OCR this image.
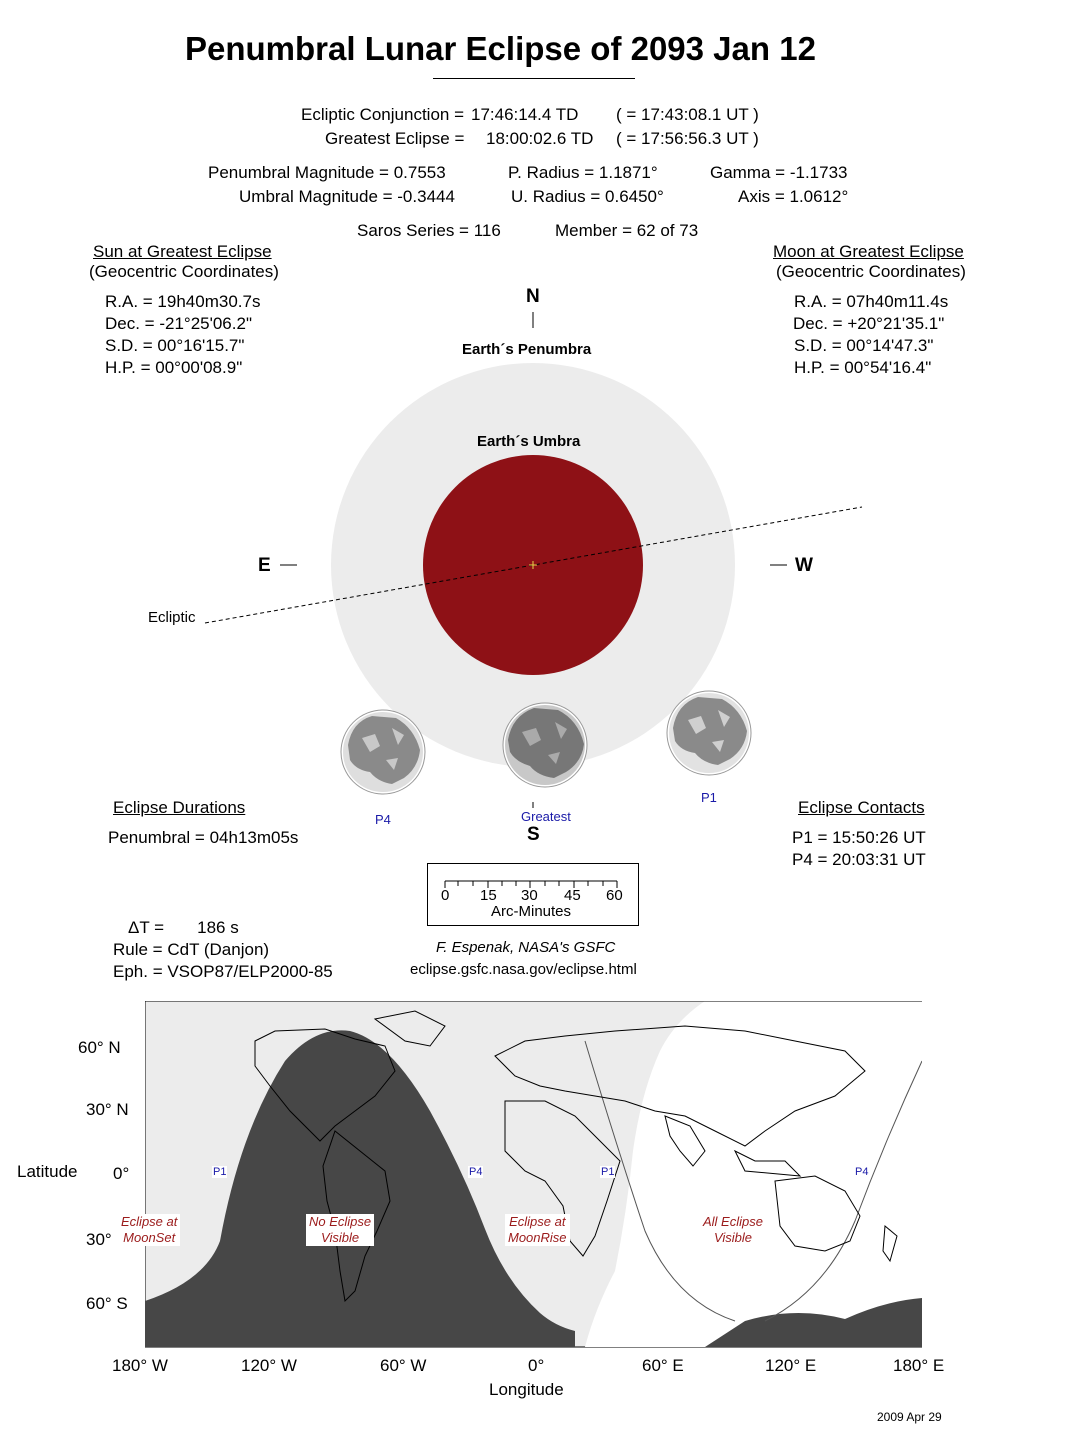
Penumbral Lunar Eclipse of 2093 Jan 12
Ecliptic Conjunction = 17:46:14.4 TD ( = 17:43:08.1 UT )
Greatest Eclipse = 18:00:02.6 TD ( = 17:56:56.3 UT )
Penumbral Magnitude = 0.7553
Umbral Magnitude = -0.3444
P. Radius = 1.1871°
U. Radius = 0.6450°
Gamma = -1.1733
Axis = 1.0612°
Saros Series = 116	Member = 62 of 73
Sun at Greatest Eclipse
(Geocentric Coordinates)
R.A. = 19h40m30.7s
Dec. = -21°25'06.2"
S.D. = 00°16'15.7"
H.P. = 00°00'08.9"
Moon at Greatest Eclipse
(Geocentric Coordinates)
R.A. = 07h40m11.4s
Dec. = +20°21'35.1"
S.D. = 00°14'47.3"
H.P. = 00°54'16.4"
N
S
E	W
Earth´s Penumbra
Earth´s Umbra
Ecliptic
P4	Greatest
P1
Eclipse Durations
Penumbral = 04h13m05s
Eclipse Contacts
P1 = 15:50:26 UT
P4 = 20:03:31 UT
0 15 30 45 60
Arc-Minutes
ΔT =       186 s
Rule = CdT (Danjon)
Eph. = VSOP87/ELP2000-85
F. Espenak, NASA's GSFC
eclipse.gsfc.nasa.gov/eclipse.html
P1	P4	P1	P4
Eclipse at
MoonSet
No Eclipse
Visible
Eclipse at
MoonRise
All Eclipse
Visible
Latitude
60° N
30° N
0°
30°
60° S
180° W	120° W	60° W	0°	60° E	120° E	180° E
Longitude
2009 Apr 29
